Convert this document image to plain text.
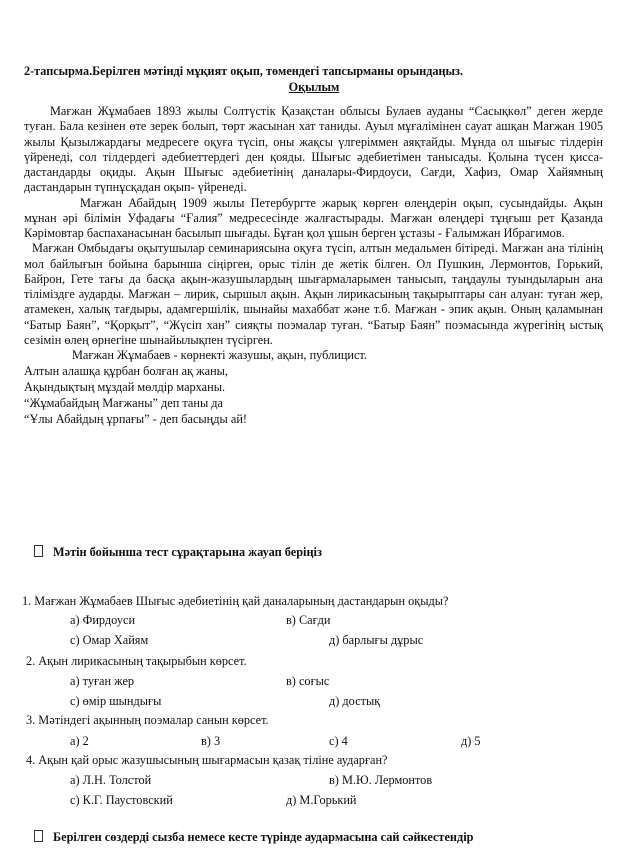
2-тапсырма.Берілген мәтінді мұқият оқып, төмендегі тапсырманы орындаңыз.
Оқылым

Мағжан Жұмабаев 1893 жылы Солтүстік Қазақстан облысы Булаев ауданы “Сасықкөл” деген жерде туған. Бала кезінен өте зерек болып, төрт жасынан хат таниды. Ауыл мұғалімінен сауат ашқан Мағжан 1905 жылы Қызылжардағы медресеге оқуға түсіп, оны жақсы үлгеріммен аяқтайды. Мұнда ол шығыс тілдерін үйренеді, сол тілдердегі әдебиеттердегі ден қояды. Шығыс әдебиетімен танысады. Қолына түсен қисса- дастандарды оқиды. Ақын Шығыс әдебиетінің даналары-Фирдоуси, Сағди, Хафиз, Омар Хайямның дастандарын түпнұсқадан оқып- үйренеді.

Мағжан Абайдың 1909 жылы Петербургте жарық көрген өлеңдерін оқып, сусындайды. Ақын мұнан әрі білімін Уфадағы “Ғалия” медресесінде жалғастырады. Мағжан өлеңдері тұңғыш рет Қазанда Кәрімовтар баспаханасынан басылып шығады. Бұған қол ұшын берген ұстазы - Ғалымжан Ибрагимов.

Мағжан Омбыдағы оқытушылар семинариясына оқуға түсіп, алтын медальмен бітіреді. Мағжан ана тілінің мол байлығын бойына барынша сіңірген, орыс тілін де жетік білген. Ол Пушкин, Лермонтов, Горький, Байрон, Гете тағы да басқа ақын-жазушылардың шығармаларымен танысып, таңдаулы туындыларын ана тіліміздге аударды. Мағжан – лирик, сыршыл ақын. Ақын лирикасының тақырыптары сан алуан: туған жер, атамекен, халық тағдыры, адамгершілік, шынайы махаббат және т.б. Мағжан - эпик ақын. Оның қаламынан “Батыр Баян”, “Қорқыт”, “Жүсіп хан” сияқты поэмалар туған. “Батыр Баян” поэмасында жүрегінің ыстық сезімін өлең өрнегіне шынайылықпен түсірген.

Мағжан Жұмабаев - көрнекті жазушы, ақын, публицист.

Алтын алашқа құрбан болған ақ жаны,
Ақындықтың мұздай мөлдір марханы.
“Жұмабайдың Мағжаны” деп таны да
“Ұлы Абайдың ұрпағы” - деп басыңды ай!
Мәтін бойынша тест сұрақтарына жауап беріңіз
1. Мағжан Жұмабаев Шығыс әдебиетінің қай даналарының дастандарын оқыды?
а) Фирдоуси	в) Сағди
с) Омар Хайям	д) барлығы дұрыс
2. Ақын лирикасының тақырыбын көрсет.
а) туған жер	в) соғыс
с) өмір шындығы	д) достық
3. Мәтіндегі ақынның поэмалар санын көрсет.
а) 2	в) 3	с) 4	д) 5
4. Ақын қай орыс жазушысының шығармасын қазақ тіліне аударған?
а) Л.Н. Толстой	в) М.Ю. Лермонтов
с) К.Г. Паустовский	д) М.Горький
Берілген сөздерді сызба немесе кесте түрінде аудармасына сай сәйкестендір
